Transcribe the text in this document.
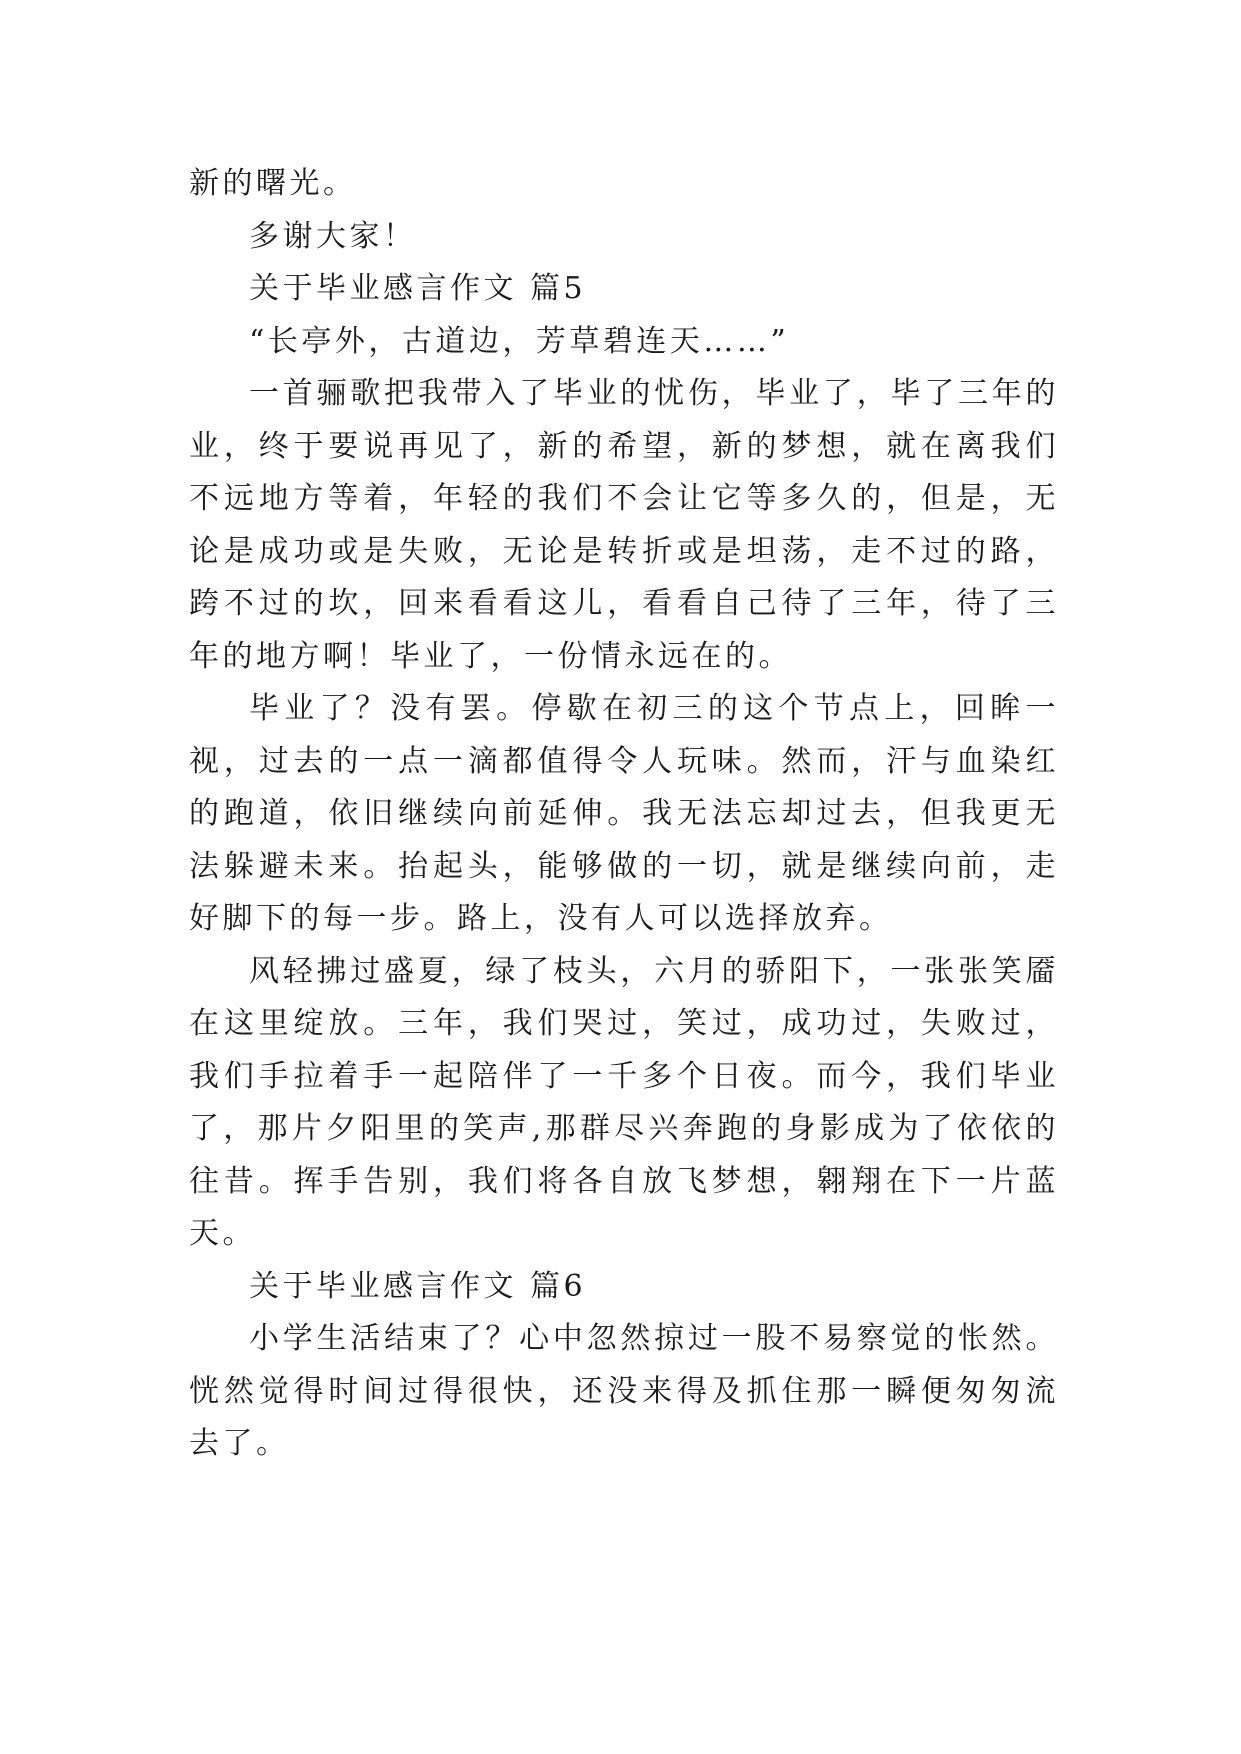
新的曙光。

多谢大家！

关于毕业感言作文 篇5

“长亭外，古道边，芳草碧连天……”

一首骊歌把我带入了毕业的忧伤，毕业了，毕了三年的业，终于要说再见了，新的希望，新的梦想，就在离我们不远地方等着，年轻的我们不会让它等多久的，但是，无论是成功或是失败，无论是转折或是坦荡，走不过的路，跨不过的坎，回来看看这儿，看看自己待了三年，待了三年的地方啊！毕业了，一份情永远在的。

毕业了？没有罢。停歇在初三的这个节点上，回眸一视，过去的一点一滴都值得令人玩味。然而，汗与血染红的跑道，依旧继续向前延伸。我无法忘却过去，但我更无法躲避未来。抬起头，能够做的一切，就是继续向前，走好脚下的每一步。路上，没有人可以选择放弃。

风轻拂过盛夏，绿了枝头，六月的骄阳下，一张张笑靥在这里绽放。三年，我们哭过，笑过，成功过，失败过，我们手拉着手一起陪伴了一千多个日夜。而今，我们毕业了，那片夕阳里的笑声,那群尽兴奔跑的身影成为了依依的往昔。挥手告别，我们将各自放飞梦想，翱翔在下一片蓝天。

关于毕业感言作文 篇6

小学生活结束了？心中忽然掠过一股不易察觉的怅然。恍然觉得时间过得很快，还没来得及抓住那一瞬便匆匆流去了。
